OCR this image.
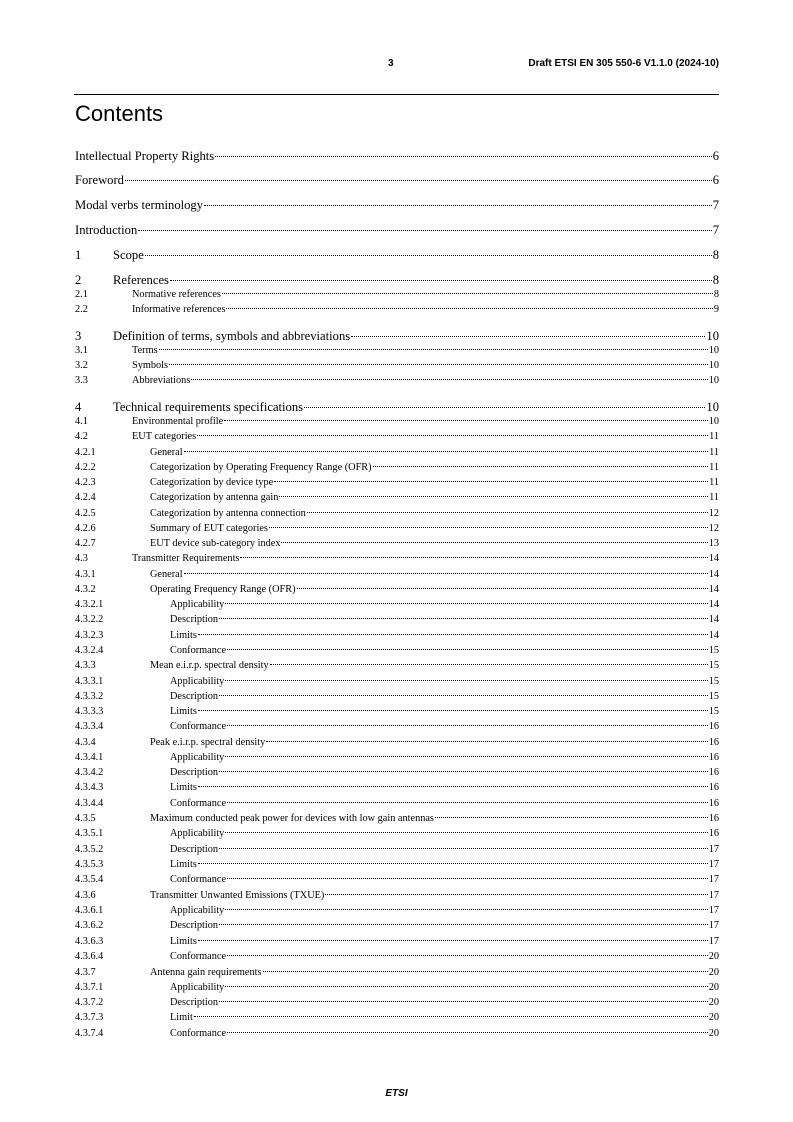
3	Draft ETSI EN 305 550-6 V1.1.0 (2024-10)
Contents
Intellectual Property Rights	6
Foreword	6
Modal verbs terminology	7
Introduction	7
1	Scope	8
2	References	8
2.1	Normative references	8
2.2	Informative references	9
3	Definition of terms, symbols and abbreviations	10
3.1	Terms	10
3.2	Symbols	10
3.3	Abbreviations	10
4	Technical requirements specifications	10
4.1	Environmental profile	10
4.2	EUT categories	11
4.2.1	General	11
4.2.2	Categorization by Operating Frequency Range (OFR)	11
4.2.3	Categorization by device type	11
4.2.4	Categorization by antenna gain	11
4.2.5	Categorization by antenna connection	12
4.2.6	Summary of EUT categories	12
4.2.7	EUT device sub-category index	13
4.3	Transmitter Requirements	14
4.3.1	General	14
4.3.2	Operating Frequency Range (OFR)	14
4.3.2.1	Applicability	14
4.3.2.2	Description	14
4.3.2.3	Limits	14
4.3.2.4	Conformance	15
4.3.3	Mean e.i.r.p. spectral density	15
4.3.3.1	Applicability	15
4.3.3.2	Description	15
4.3.3.3	Limits	15
4.3.3.4	Conformance	16
4.3.4	Peak e.i.r.p. spectral density	16
4.3.4.1	Applicability	16
4.3.4.2	Description	16
4.3.4.3	Limits	16
4.3.4.4	Conformance	16
4.3.5	Maximum conducted peak power for devices with low gain antennas	16
4.3.5.1	Applicability	16
4.3.5.2	Description	17
4.3.5.3	Limits	17
4.3.5.4	Conformance	17
4.3.6	Transmitter Unwanted Emissions (TXUE)	17
4.3.6.1	Applicability	17
4.3.6.2	Description	17
4.3.6.3	Limits	17
4.3.6.4	Conformance	20
4.3.7	Antenna gain requirements	20
4.3.7.1	Applicability	20
4.3.7.2	Description	20
4.3.7.3	Limit	20
4.3.7.4	Conformance	20
ETSI
